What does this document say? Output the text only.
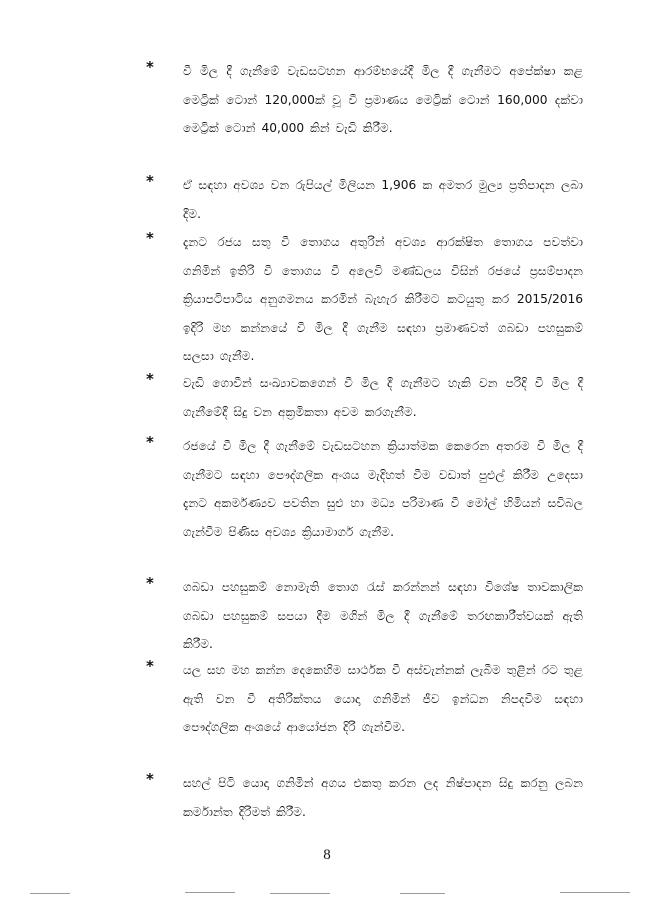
* වී මිල දී ගැනීමේ වැඩසටහන ආරම්භයේදී මිල දී ගැනීමට අපේක්ෂා කළ මෙට්‍රික් ටොන් 120,000ක් වූ වී ප්‍රමාණය මෙට්‍රික් ටොන් 160,000 දක්වා මෙට්‍රික් ටොන් 40,000 කින් වැඩි කිරීම.

* ඒ සඳහා අවශ්‍ය වන රුපියල් මිලියන 1,906 ක අමතර මුල්‍ය ප්‍රතිපාදන ලබා දීම.

* දැනට රජය සතු වී තොගය අතුරින් අවශ්‍ය ආරක්ෂිත තොගය පවත්වා ගනිමින් ඉතිරි වී තොගය වී අලෙවි මණ්ඩලය විසින් රජයේ ප්‍රසම්පාදන ක්‍රියාපටිපාටිය අනුගමනය කරමින් බැහැර කිරීමට කටයුතු කර 2015/2016 ඉදිරි මහ කන්නයේ වී මිල දී ගැනීම සඳහා ප්‍රමාණවත් ගබඩා පහසුකම් සලසා ගැනීම.

* වැඩි ගොවීන් සංඛ්‍යාවකගෙන් වී මිල දී ගැනීමට හැකි වන පරිදි වී මිල දී ගැනීමේදී සිදු වන අක්‍රමිකතා අවම කරගැනීම.

* රජයේ වී මිල දී ගැනීමේ වැඩසටහන ක්‍රියාත්මක කෙරෙන අතරම වී මිල දී ගැනීමට සඳහා පෞද්ගලික අංශය මැදිහත් වීම වඩාත් පුළුල් කිරීම උදෙසා දැනට අකර්මණ්‍යව පවතින සුළු හා මධ්‍ය පරිමාණ වී මෝල් හිමියන් සවිබල ගැන්වීම පිණිස අවශ්‍ය ක්‍රියාමාර්ග ගැනීම.

* ගබඩා පහසුකම් නොමැති තොග රැස් කරන්නන් සඳහා විශේෂ තාවකාලික ගබඩා පහසුකම් සපයා දීම මගින් මිල දී ගැනීමේ තරඟකාරීත්වයක් ඇති කිරීම.

* යල සහ මහ කන්න දෙකෙහිම සාර්ථක වී අස්වැන්නක් ලැබීම තුළින් රට තුළ ඇති වන වී අතිරික්තය යොදා ගනිමින් ජීව ඉන්ධන නිපදවීම සඳහා පෞද්ගලික අංශයේ ආයෝජන දිරි ගැන්වීම.

* සහල් පිටි යොදා ගනිමින් අගය එකතු කරන ලද නිෂ්පාදන සිදු කරනු ලබන කර්මාන්ත දිරිමත් කිරීම.

8
